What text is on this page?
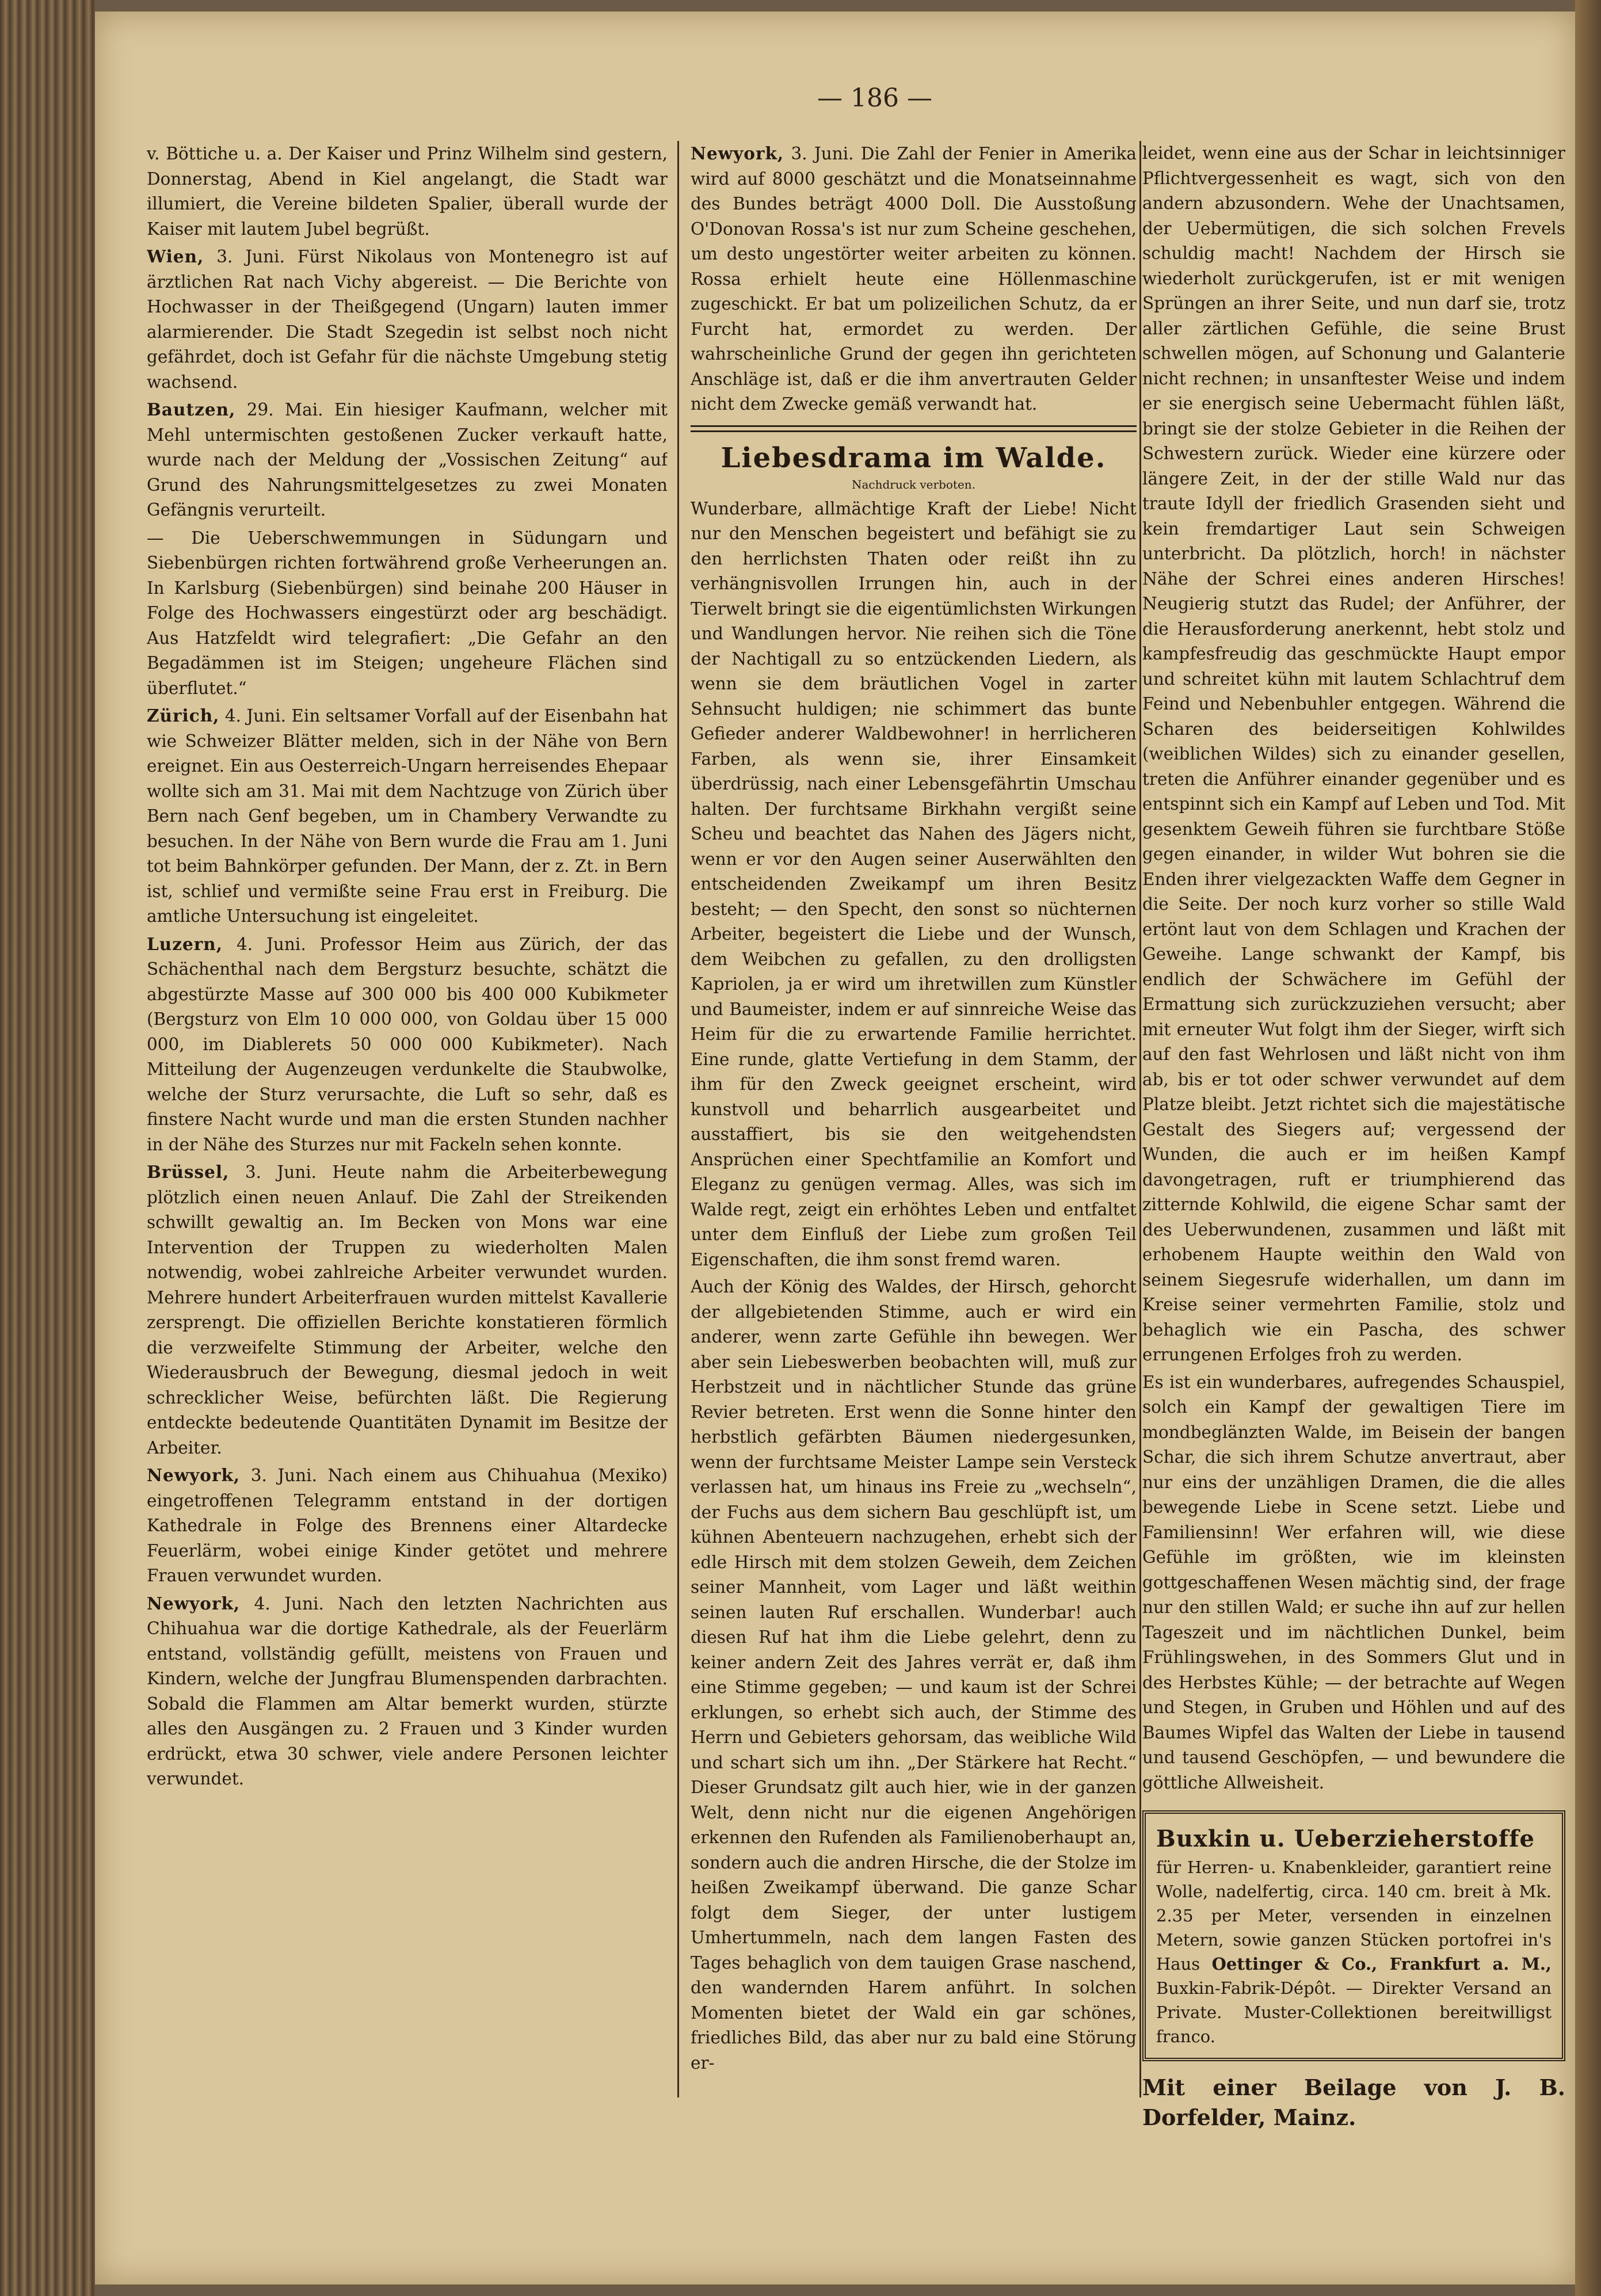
— 186 —

v. Böttiche u. a. Der Kaiser und Prinz Wilhelm sind gestern, Donnerstag, Abend in Kiel angelangt, die Stadt war illumiert, die Vereine bildeten Spalier, überall wurde der Kaiser mit lautem Jubel begrüßt.

Wien, 3. Juni. Fürst Nikolaus von Montenegro ist auf ärztlichen Rat nach Vichy abgereist. — Die Berichte von Hochwasser in der Theißgegend (Ungarn) lauten immer alarmierender. Die Stadt Szegedin ist selbst noch nicht gefährdet, doch ist Gefahr für die nächste Umgebung stetig wachsend.

Bautzen, 29. Mai. Ein hiesiger Kaufmann, welcher mit Mehl untermischten gestoßenen Zucker verkauft hatte, wurde nach der Meldung der „Vossischen Zeitung“ auf Grund des Nahrungsmittelgesetzes zu zwei Monaten Gefängnis verurteilt.

— Die Ueberschwemmungen in Südungarn und Siebenbürgen richten fortwährend große Verheerungen an. In Karlsburg (Siebenbürgen) sind beinahe 200 Häuser in Folge des Hochwassers eingestürzt oder arg beschädigt. Aus Hatzfeldt wird telegrafiert: „Die Gefahr an den Begadämmen ist im Steigen; ungeheure Flächen sind überflutet.“

Zürich, 4. Juni. Ein seltsamer Vorfall auf der Eisenbahn hat wie Schweizer Blätter melden, sich in der Nähe von Bern ereignet. Ein aus Oesterreich-Ungarn herreisendes Ehepaar wollte sich am 31. Mai mit dem Nachtzuge von Zürich über Bern nach Genf begeben, um in Chambery Verwandte zu besuchen. In der Nähe von Bern wurde die Frau am 1. Juni tot beim Bahnkörper gefunden. Der Mann, der z. Zt. in Bern ist, schlief und vermißte seine Frau erst in Freiburg. Die amtliche Untersuchung ist eingeleitet.

Luzern, 4. Juni. Professor Heim aus Zürich, der das Schächenthal nach dem Bergsturz besuchte, schätzt die abgestürzte Masse auf 300 000 bis 400 000 Kubikmeter (Bergsturz von Elm 10 000 000, von Goldau über 15 000 000, im Diablerets 50 000 000 Kubikmeter). Nach Mitteilung der Augenzeugen verdunkelte die Staubwolke, welche der Sturz verursachte, die Luft so sehr, daß es finstere Nacht wurde und man die ersten Stunden nachher in der Nähe des Sturzes nur mit Fackeln sehen konnte.

Brüssel, 3. Juni. Heute nahm die Arbeiterbewegung plötzlich einen neuen Anlauf. Die Zahl der Streikenden schwillt gewaltig an. Im Becken von Mons war eine Intervention der Truppen zu wiederholten Malen notwendig, wobei zahlreiche Arbeiter verwundet wurden. Mehrere hundert Arbeiterfrauen wurden mittelst Kavallerie zersprengt. Die offiziellen Berichte konstatieren förmlich die verzweifelte Stimmung der Arbeiter, welche den Wiederausbruch der Bewegung, diesmal jedoch in weit schrecklicher Weise, befürchten läßt. Die Regierung entdeckte bedeutende Quantitäten Dynamit im Besitze der Arbeiter.

Newyork, 3. Juni. Nach einem aus Chihuahua (Mexiko) eingetroffenen Telegramm entstand in der dortigen Kathedrale in Folge des Brennens einer Altardecke Feuerlärm, wobei einige Kinder getötet und mehrere Frauen verwundet wurden.

Newyork, 4. Juni. Nach den letzten Nachrichten aus Chihuahua war die dortige Kathedrale, als der Feuerlärm entstand, vollständig gefüllt, meistens von Frauen und Kindern, welche der Jungfrau Blumenspenden darbrachten. Sobald die Flammen am Altar bemerkt wurden, stürzte alles den Ausgängen zu. 2 Frauen und 3 Kinder wurden erdrückt, etwa 30 schwer, viele andere Personen leichter verwundet.

Newyork, 3. Juni. Die Zahl der Fenier in Amerika wird auf 8000 geschätzt und die Monatseinnahme des Bundes beträgt 4000 Doll. Die Ausstoßung O'Donovan Rossa's ist nur zum Scheine geschehen, um desto ungestörter weiter arbeiten zu können. Rossa erhielt heute eine Höllenmaschine zugeschickt. Er bat um polizeilichen Schutz, da er Furcht hat, ermordet zu werden. Der wahrscheinliche Grund der gegen ihn gerichteten Anschläge ist, daß er die ihm anvertrauten Gelder nicht dem Zwecke gemäß verwandt hat.

Liebesdrama im Walde.
Nachdruck verboten.

Wunderbare, allmächtige Kraft der Liebe! Nicht nur den Menschen begeistert und befähigt sie zu den herrlichsten Thaten oder reißt ihn zu verhängnisvollen Irrungen hin, auch in der Tierwelt bringt sie die eigentümlichsten Wirkungen und Wandlungen hervor. Nie reihen sich die Töne der Nachtigall zu so entzückenden Liedern, als wenn sie dem bräutlichen Vogel in zarter Sehnsucht huldigen; nie schimmert das bunte Gefieder anderer Waldbewohner! in herrlicheren Farben, als wenn sie, ihrer Einsamkeit überdrüssig, nach einer Lebensgefährtin Umschau halten. Der furchtsame Birkhahn vergißt seine Scheu und beachtet das Nahen des Jägers nicht, wenn er vor den Augen seiner Auserwählten den entscheidenden Zweikampf um ihren Besitz besteht; — den Specht, den sonst so nüchternen Arbeiter, begeistert die Liebe und der Wunsch, dem Weibchen zu gefallen, zu den drolligsten Kapriolen, ja er wird um ihretwillen zum Künstler und Baumeister, indem er auf sinnreiche Weise das Heim für die zu erwartende Familie herrichtet. Eine runde, glatte Vertiefung in dem Stamm, der ihm für den Zweck geeignet erscheint, wird kunstvoll und beharrlich ausgearbeitet und ausstaffiert, bis sie den weitgehendsten Ansprüchen einer Spechtfamilie an Komfort und Eleganz zu genügen vermag. Alles, was sich im Walde regt, zeigt ein erhöhtes Leben und entfaltet unter dem Einfluß der Liebe zum großen Teil Eigenschaften, die ihm sonst fremd waren.

Auch der König des Waldes, der Hirsch, gehorcht der allgebietenden Stimme, auch er wird ein anderer, wenn zarte Gefühle ihn bewegen. Wer aber sein Liebeswerben beobachten will, muß zur Herbstzeit und in nächtlicher Stunde das grüne Revier betreten. Erst wenn die Sonne hinter den herbstlich gefärbten Bäumen niedergesunken, wenn der furchtsame Meister Lampe sein Versteck verlassen hat, um hinaus ins Freie zu „wechseln“, der Fuchs aus dem sichern Bau geschlüpft ist, um kühnen Abenteuern nachzugehen, erhebt sich der edle Hirsch mit dem stolzen Geweih, dem Zeichen seiner Mannheit, vom Lager und läßt weithin seinen lauten Ruf erschallen. Wunderbar! auch diesen Ruf hat ihm die Liebe gelehrt, denn zu keiner andern Zeit des Jahres verrät er, daß ihm eine Stimme gegeben; — und kaum ist der Schrei erklungen, so erhebt sich auch, der Stimme des Herrn und Gebieters gehorsam, das weibliche Wild und schart sich um ihn. „Der Stärkere hat Recht.“ Dieser Grundsatz gilt auch hier, wie in der ganzen Welt, denn nicht nur die eigenen Angehörigen erkennen den Rufenden als Familienoberhaupt an, sondern auch die andren Hirsche, die der Stolze im heißen Zweikampf überwand. Die ganze Schar folgt dem Sieger, der unter lustigem Umhertummeln, nach dem langen Fasten des Tages behaglich von dem tauigen Grase naschend, den wandernden Harem anführt. In solchen Momenten bietet der Wald ein gar schönes, friedliches Bild, das aber nur zu bald eine Störung er-

leidet, wenn eine aus der Schar in leichtsinniger Pflichtvergessenheit es wagt, sich von den andern abzusondern. Wehe der Unachtsamen, der Uebermütigen, die sich solchen Frevels schuldig macht! Nachdem der Hirsch sie wiederholt zurückgerufen, ist er mit wenigen Sprüngen an ihrer Seite, und nun darf sie, trotz aller zärtlichen Gefühle, die seine Brust schwellen mögen, auf Schonung und Galanterie nicht rechnen; in unsanftester Weise und indem er sie energisch seine Uebermacht fühlen läßt, bringt sie der stolze Gebieter in die Reihen der Schwestern zurück. Wieder eine kürzere oder längere Zeit, in der der stille Wald nur das traute Idyll der friedlich Grasenden sieht und kein fremdartiger Laut sein Schweigen unterbricht. Da plötzlich, horch! in nächster Nähe der Schrei eines anderen Hirsches! Neugierig stutzt das Rudel; der Anführer, der die Herausforderung anerkennt, hebt stolz und kampfesfreudig das geschmückte Haupt empor und schreitet kühn mit lautem Schlachtruf dem Feind und Nebenbuhler entgegen. Während die Scharen des beiderseitigen Kohlwildes (weiblichen Wildes) sich zu einander gesellen, treten die Anführer einander gegenüber und es entspinnt sich ein Kampf auf Leben und Tod. Mit gesenktem Geweih führen sie furchtbare Stöße gegen einander, in wilder Wut bohren sie die Enden ihrer vielgezackten Waffe dem Gegner in die Seite. Der noch kurz vorher so stille Wald ertönt laut von dem Schlagen und Krachen der Geweihe. Lange schwankt der Kampf, bis endlich der Schwächere im Gefühl der Ermattung sich zurückzuziehen versucht; aber mit erneuter Wut folgt ihm der Sieger, wirft sich auf den fast Wehrlosen und läßt nicht von ihm ab, bis er tot oder schwer verwundet auf dem Platze bleibt. Jetzt richtet sich die majestätische Gestalt des Siegers auf; vergessend der Wunden, die auch er im heißen Kampf davongetragen, ruft er triumphierend das zitternde Kohlwild, die eigene Schar samt der des Ueberwundenen, zusammen und läßt mit erhobenem Haupte weithin den Wald von seinem Siegesrufe widerhallen, um dann im Kreise seiner vermehrten Familie, stolz und behaglich wie ein Pascha, des schwer errungenen Erfolges froh zu werden.

Es ist ein wunderbares, aufregendes Schauspiel, solch ein Kampf der gewaltigen Tiere im mondbeglänzten Walde, im Beisein der bangen Schar, die sich ihrem Schutze anvertraut, aber nur eins der unzähligen Dramen, die die alles bewegende Liebe in Scene setzt. Liebe und Familiensinn! Wer erfahren will, wie diese Gefühle im größten, wie im kleinsten gottgeschaffenen Wesen mächtig sind, der frage nur den stillen Wald; er suche ihn auf zur hellen Tageszeit und im nächtlichen Dunkel, beim Frühlingswehen, in des Sommers Glut und in des Herbstes Kühle; — der betrachte auf Wegen und Stegen, in Gruben und Höhlen und auf des Baumes Wipfel das Walten der Liebe in tausend und tausend Geschöpfen, — und bewundere die göttliche Allweisheit.

Buxkin u. Ueberzieherstoffe
für Herren- u. Knabenkleider, garantiert reine Wolle, nadelfertig, circa. 140 cm. breit à Mk. 2.35 per Meter, versenden in einzelnen Metern, sowie ganzen Stücken portofrei in's Haus Oettinger & Co., Frankfurt a. M., Buxkin-Fabrik-Dépôt. — Direkter Versand an Private. Muster-Collektionen bereitwilligst franco.
Mit einer Beilage von J. B. Dorfelder, Mainz.
